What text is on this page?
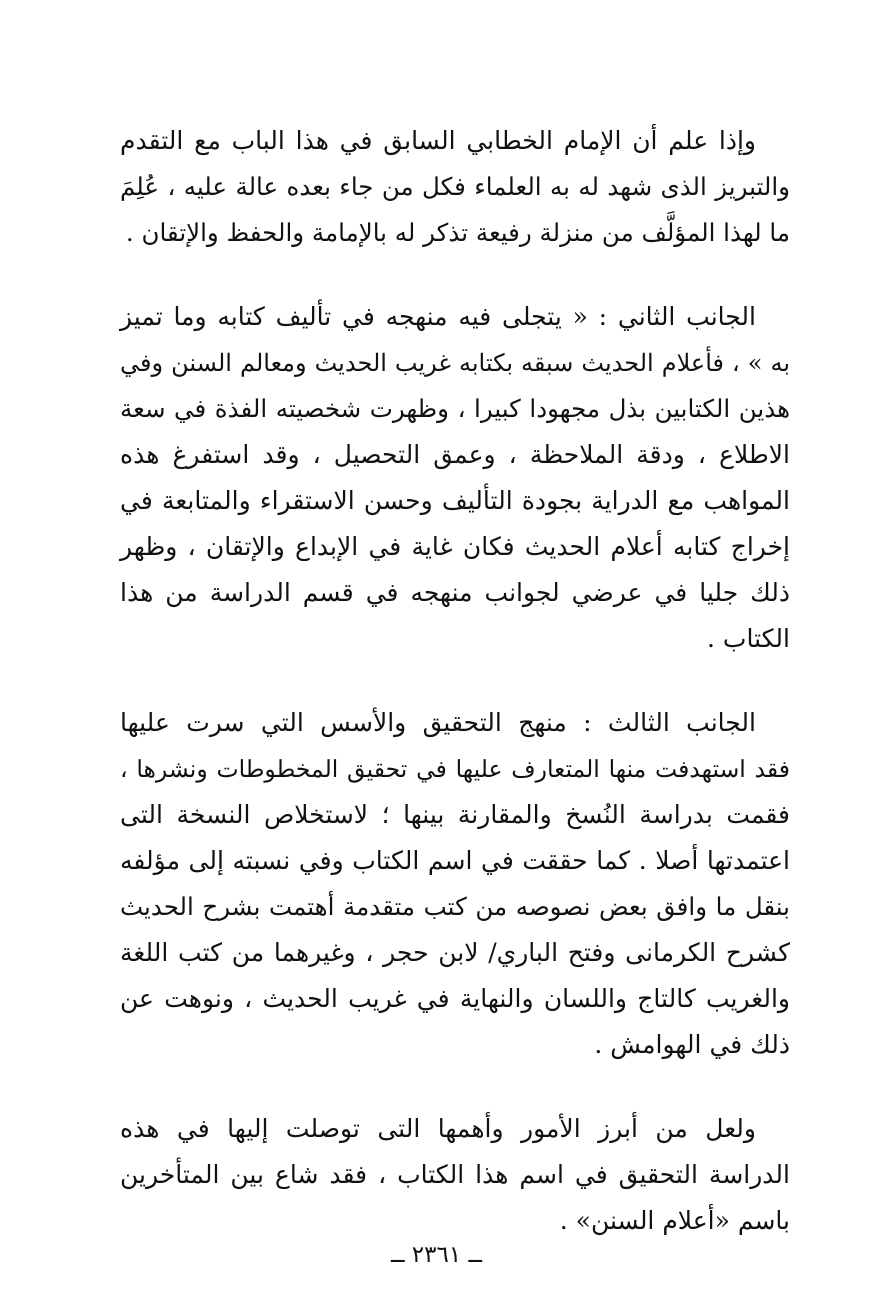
وإذا علم أن الإمام الخطابي السابق في هذا الباب مع التقدم
والتبريز الذى شهد له به العلماء فكل من جاء بعده عالة عليه ، عُلِمَ
ما لهذا المؤلَّف من منزلة رفيعة تذكر له بالإمامة والحفظ والإتقان .
الجانب الثاني : « يتجلى فيه منهجه في تأليف كتابه وما تميز
به » ، فأعلام الحديث سبقه بكتابه غريب الحديث ومعالم السنن وفي
هذين الكتابين بذل مجهودا كبيرا ، وظهرت شخصيته الفذة في سعة
الاطلاع ، ودقة الملاحظة ، وعمق التحصيل ، وقد استفرغ هذه
المواهب مع الدراية بجودة التأليف وحسن الاستقراء والمتابعة في
إخراج كتابه أعلام الحديث فكان غاية في الإبداع والإتقان ، وظهر
ذلك جليا في عرضي لجوانب منهجه في قسم الدراسة من هذا
الكتاب .
الجانب الثالث : منهج التحقيق والأسس التي سرت عليها
فقد استهدفت منها المتعارف عليها في تحقيق المخطوطات ونشرها ،
فقمت بدراسة النُسخ والمقارنة بينها ؛ لاستخلاص النسخة التى
اعتمدتها أصلا . كما حققت في اسم الكتاب وفي نسبته إلى مؤلفه
بنقل ما وافق بعض نصوصه من كتب متقدمة أهتمت بشرح الحديث
كشرح الكرمانى وفتح الباري/ لابن حجر ، وغيرهما من كتب اللغة
والغريب كالتاج واللسان والنهاية في غريب الحديث ، ونوهت عن
ذلك في الهوامش .
ولعل من أبرز الأمور وأهمها التى توصلت إليها في هذه
الدراسة التحقيق في اسم هذا الكتاب ، فقد شاع بين المتأخرين
باسم «أعلام السنن» .
ــ ٢٣٦١ ــ
